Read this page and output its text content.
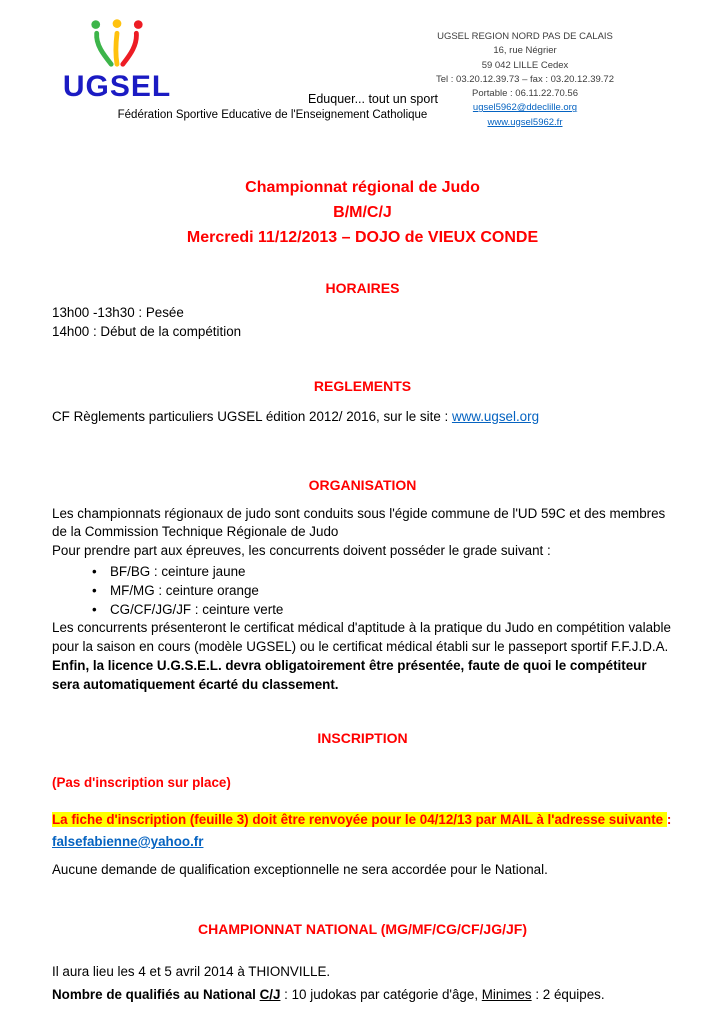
UGSEL	Eduquer... tout un sport
Fédération Sportive Educative de l'Enseignement Catholique
UGSEL REGION NORD PAS DE CALAIS
16, rue Négrier
59 042 LILLE Cedex
Tel : 03.20.12.39.73 – fax : 03.20.12.39.72
Portable : 06.11.22.70.56
ugsel5962@ddeclille.org
www.ugsel5962.fr
Championnat régional de Judo
B/M/C/J
Mercredi 11/12/2013 – DOJO de VIEUX CONDE
HORAIRES
13h00 -13h30 : Pesée
14h00 : Début de la compétition
REGLEMENTS

CF Règlements particuliers UGSEL édition 2012/ 2016, sur le site : www.ugsel.org

ORGANISATION

Les championnats régionaux de judo sont conduits sous l'égide commune de l'UD 59C et des membres de la Commission Technique Régionale de Judo

Pour prendre part aux épreuves, les concurrents doivent posséder le grade suivant :

• BF/BG : ceinture jaune
• MF/MG : ceinture orange
• CG/CF/JG/JF : ceinture verte

Les concurrents présenteront le certificat médical d'aptitude à la pratique du Judo en compétition valable pour la saison en cours (modèle UGSEL) ou le certificat médical établi sur le passeport sportif F.F.J.D.A.

Enfin, la licence U.G.S.E.L. devra obligatoirement être présentée, faute de quoi le compétiteur sera automatiquement écarté du classement.

INSCRIPTION

(Pas d'inscription sur place)

La fiche d'inscription (feuille 3) doit être renvoyée pour le 04/12/13 par MAIL à l'adresse suivante :

falsefabienne@yahoo.fr

Aucune demande de qualification exceptionnelle ne sera accordée pour le National.

CHAMPIONNAT NATIONAL (MG/MF/CG/CF/JG/JF)

Il aura lieu les 4 et 5 avril 2014 à THIONVILLE.

Nombre de qualifiés au National C/J : 10 judokas par catégorie d'âge, Minimes : 2 équipes.
